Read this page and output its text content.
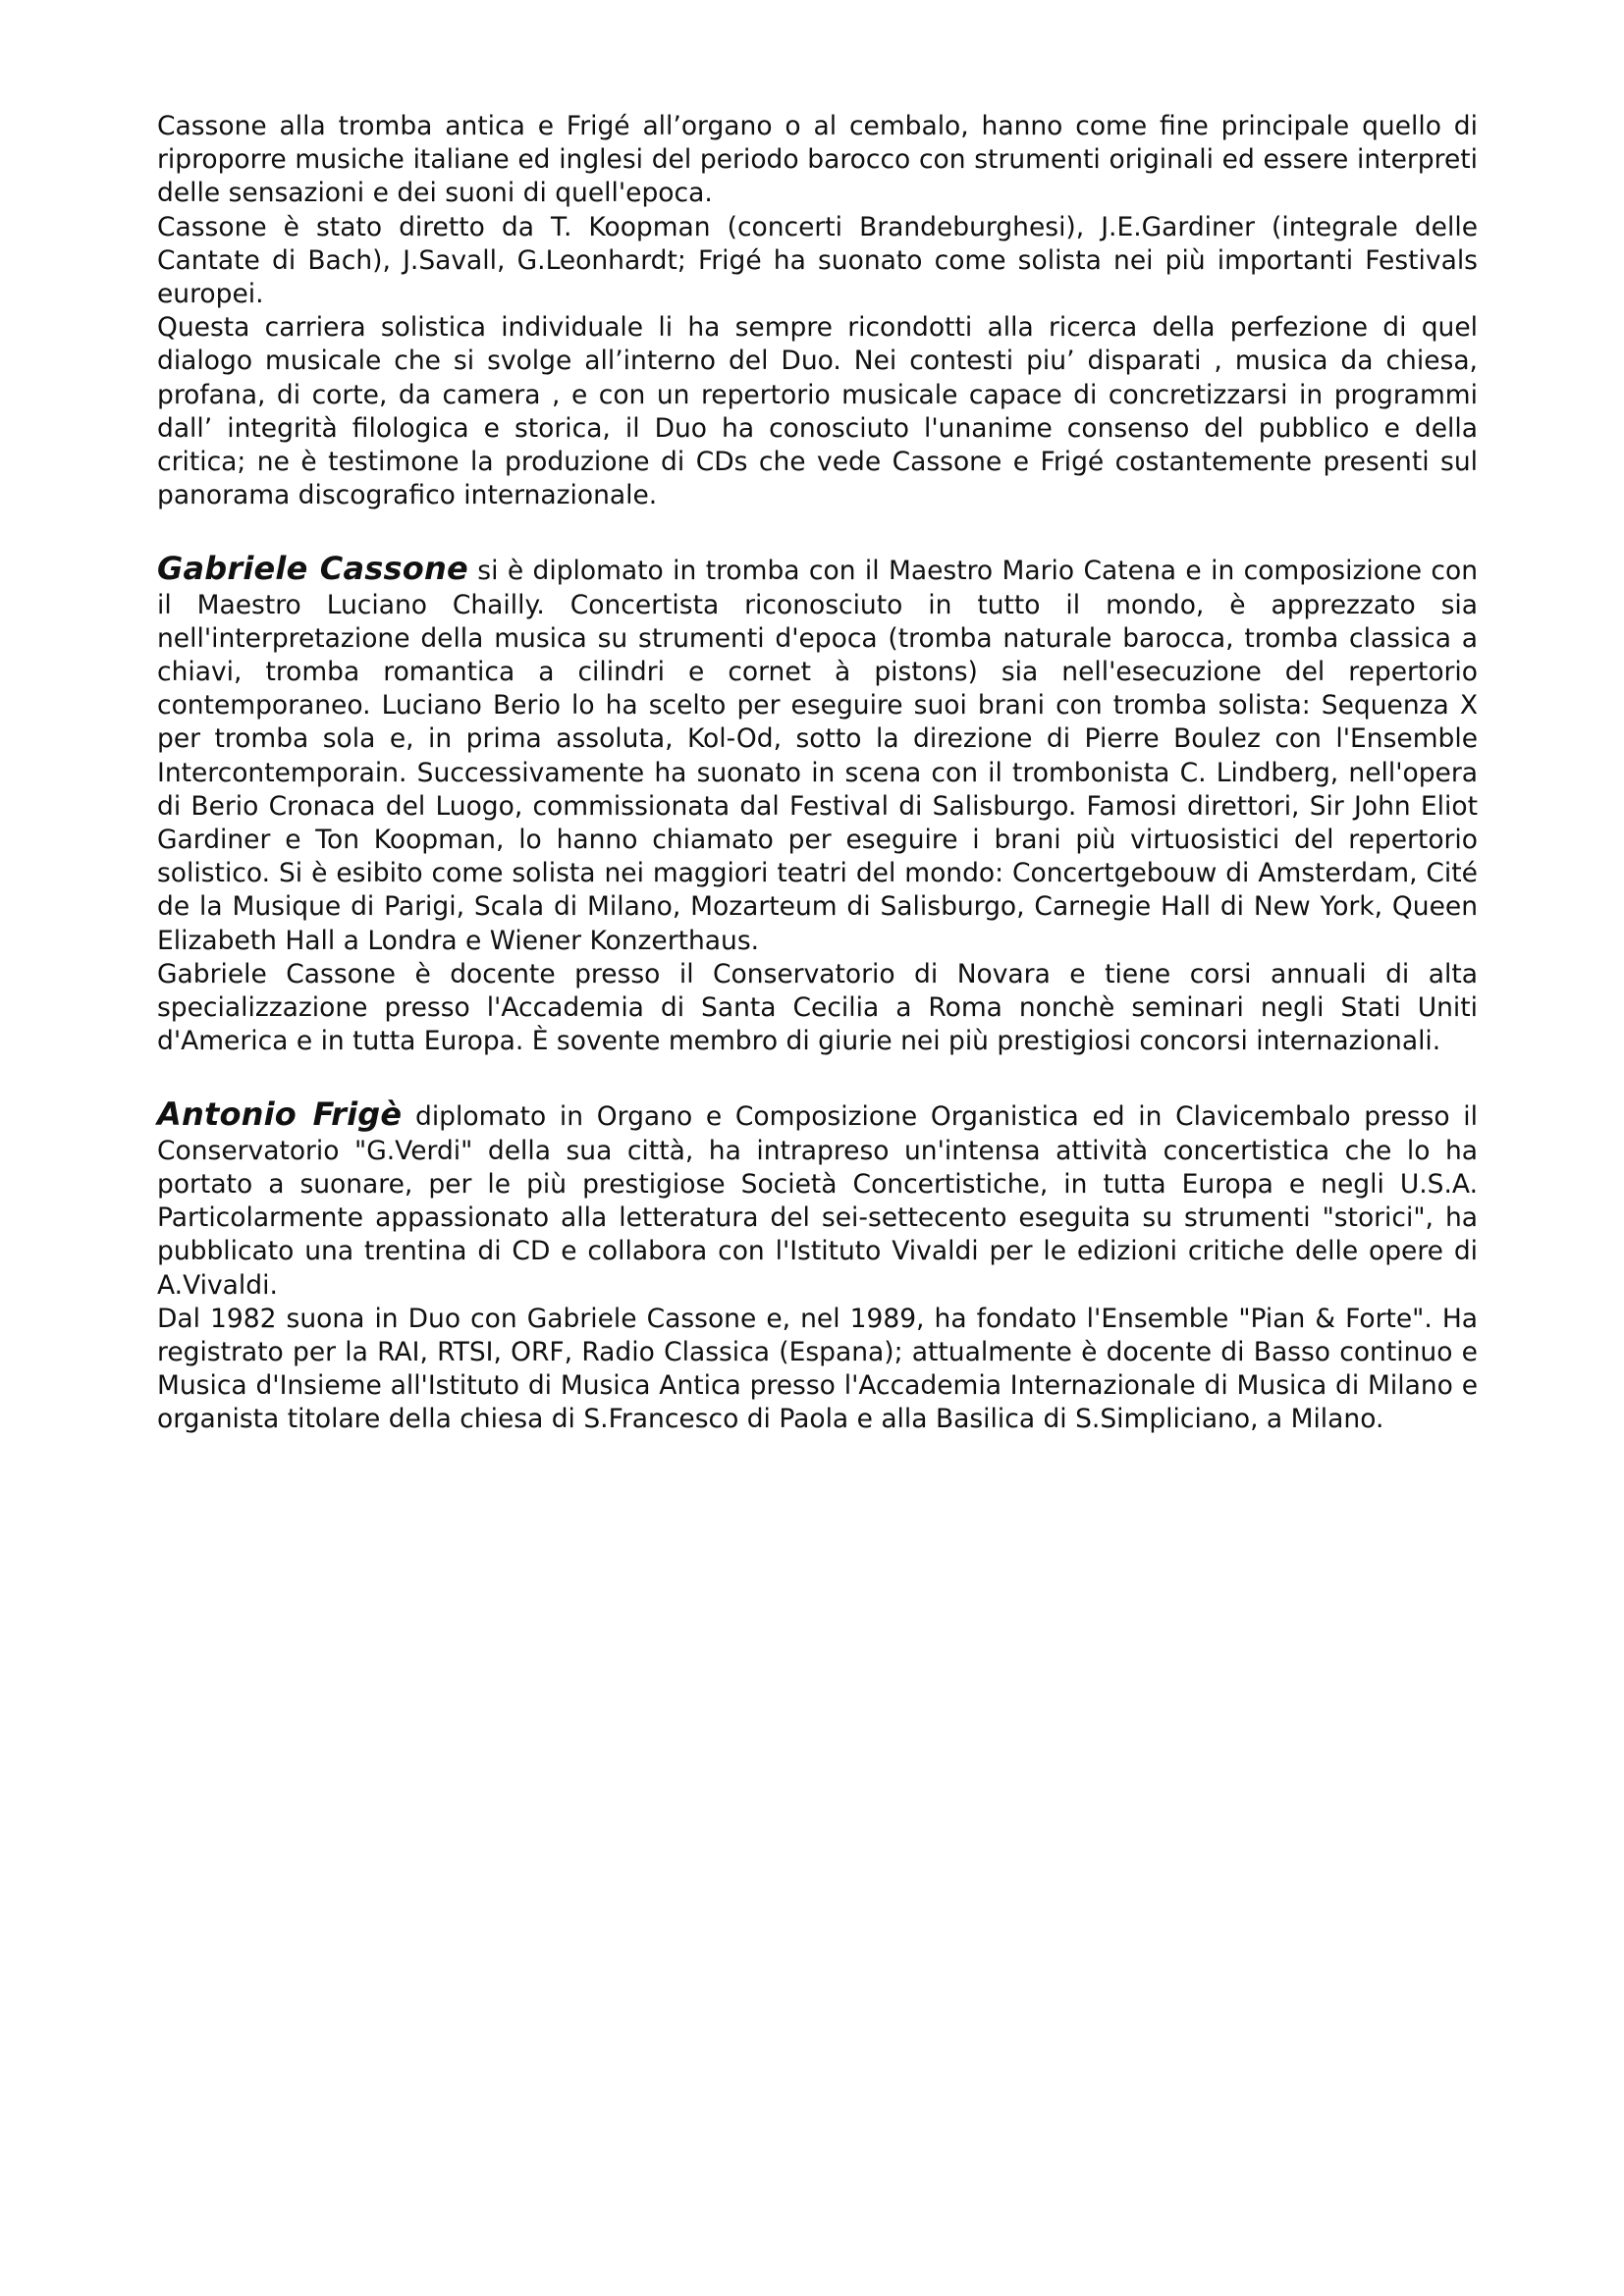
Cassone alla tromba antica e Frigé all’organo o al cembalo, hanno come fine principale quello di riproporre musiche italiane ed inglesi del periodo barocco con strumenti originali ed essere interpreti delle sensazioni e dei suoni di quell'epoca.

Cassone è stato diretto da T. Koopman (concerti Brandeburghesi), J.E.Gardiner (integrale delle Cantate di Bach), J.Savall, G.Leonhardt; Frigé ha suonato come solista nei più importanti Festivals europei.

Questa carriera solistica individuale li ha sempre ricondotti alla ricerca della perfezione di quel dialogo musicale che si svolge all’interno del Duo. Nei contesti piu’ disparati , musica da chiesa, profana, di corte, da camera , e con un repertorio musicale capace di concretizzarsi in programmi dall’ integrità filologica e storica, il Duo ha conosciuto l'unanime consenso del pubblico e della critica; ne è testimone la produzione di CDs che vede Cassone e Frigé costantemente presenti sul panorama discografico internazionale.

Gabriele Cassone si è diplomato in tromba con il Maestro Mario Catena e in composizione con il Maestro Luciano Chailly. Concertista riconosciuto in tutto il mondo, è apprezzato sia nell'interpretazione della musica su strumenti d'epoca (tromba naturale barocca, tromba classica a chiavi, tromba romantica a cilindri e cornet à pistons) sia nell'esecuzione del repertorio contemporaneo. Luciano Berio lo ha scelto per eseguire suoi brani con tromba solista: Sequenza X per tromba sola e, in prima assoluta, Kol-Od, sotto la direzione di Pierre Boulez con l'Ensemble Intercontemporain. Successivamente ha suonato in scena con il trombonista C. Lindberg, nell'opera di Berio Cronaca del Luogo, commissionata dal Festival di Salisburgo. Famosi direttori, Sir John Eliot Gardiner e Ton Koopman, lo hanno chiamato per eseguire i brani più virtuosistici del repertorio solistico. Si è esibito come solista nei maggiori teatri del mondo: Concertgebouw di Amsterdam, Cité de la Musique di Parigi, Scala di Milano, Mozarteum di Salisburgo, Carnegie Hall di New York, Queen Elizabeth Hall a Londra e Wiener Konzerthaus.

Gabriele Cassone è docente presso il Conservatorio di Novara e tiene corsi annuali di alta specializzazione presso l'Accademia di Santa Cecilia a Roma nonchè seminari negli Stati Uniti d'America e in tutta Europa. È sovente membro di giurie nei più prestigiosi concorsi internazionali.

Antonio Frigè diplomato in Organo e Composizione Organistica ed in Clavicembalo presso il Conservatorio "G.Verdi" della sua città, ha intrapreso un'intensa attività concertistica che lo ha portato a suonare, per le più prestigiose Società Concertistiche, in tutta Europa e negli U.S.A. Particolarmente appassionato alla letteratura del sei-settecento eseguita su strumenti "storici", ha pubblicato una trentina di CD e collabora con l'Istituto Vivaldi per le edizioni critiche delle opere di A.Vivaldi.

Dal 1982 suona in Duo con Gabriele Cassone e, nel 1989, ha fondato l'Ensemble "Pian & Forte". Ha registrato per la RAI, RTSI, ORF, Radio Classica (Espana); attualmente è docente di Basso continuo e Musica d'Insieme all'Istituto di Musica Antica presso l'Accademia Internazionale di Musica di Milano e organista titolare della chiesa di S.Francesco di Paola e alla Basilica di S.Simpliciano, a Milano.
